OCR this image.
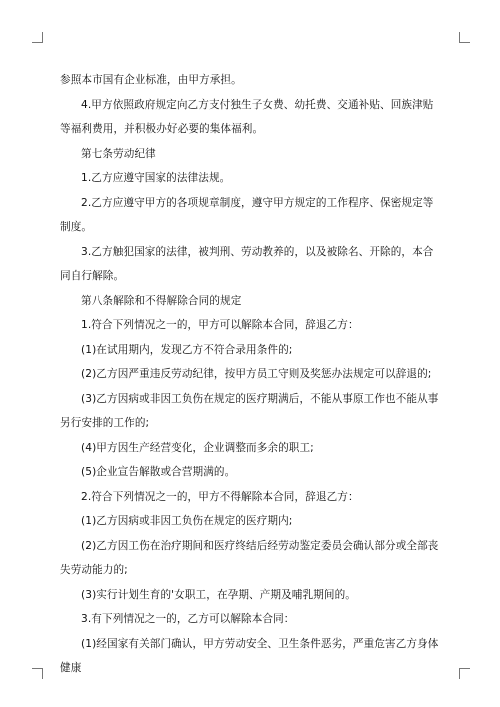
参照本市国有企业标准，由甲方承担。

4.甲方依照政府规定向乙方支付独生子女费、幼托费、交通补贴、回族津贴等福利费用，并积极办好必要的集体福利。

第七条劳动纪律

1.乙方应遵守国家的法律法规。

2.乙方应遵守甲方的各项规章制度，遵守甲方规定的工作程序、保密规定等制度。

3.乙方触犯国家的法律，被判刑、劳动教养的，以及被除名、开除的，本合同自行解除。

第八条解除和不得解除合同的规定

1.符合下列情况之一的，甲方可以解除本合同，辞退乙方：

(1)在试用期内，发现乙方不符合录用条件的;

(2)乙方因严重违反劳动纪律，按甲方员工守则及奖惩办法规定可以辞退的;

(3)乙方因病或非因工负伤在规定的医疗期满后，不能从事原工作也不能从事另行安排的工作的;

(4)甲方因生产经营变化，企业调整而多余的职工;

(5)企业宣告解散或合营期满的。

2.符合下列情况之一的，甲方不得解除本合同，辞退乙方：

(1)乙方因病或非因工负伤在规定的医疗期内;

(2)乙方因工伤在治疗期间和医疗终结后经劳动鉴定委员会确认部分或全部丧失劳动能力的;

(3)实行计划生育的'女职工，在孕期、产期及哺乳期间的。

3.有下列情况之一的，乙方可以解除本合同：

(1)经国家有关部门确认，甲方劳动安全、卫生条件恶劣，严重危害乙方身体健康
